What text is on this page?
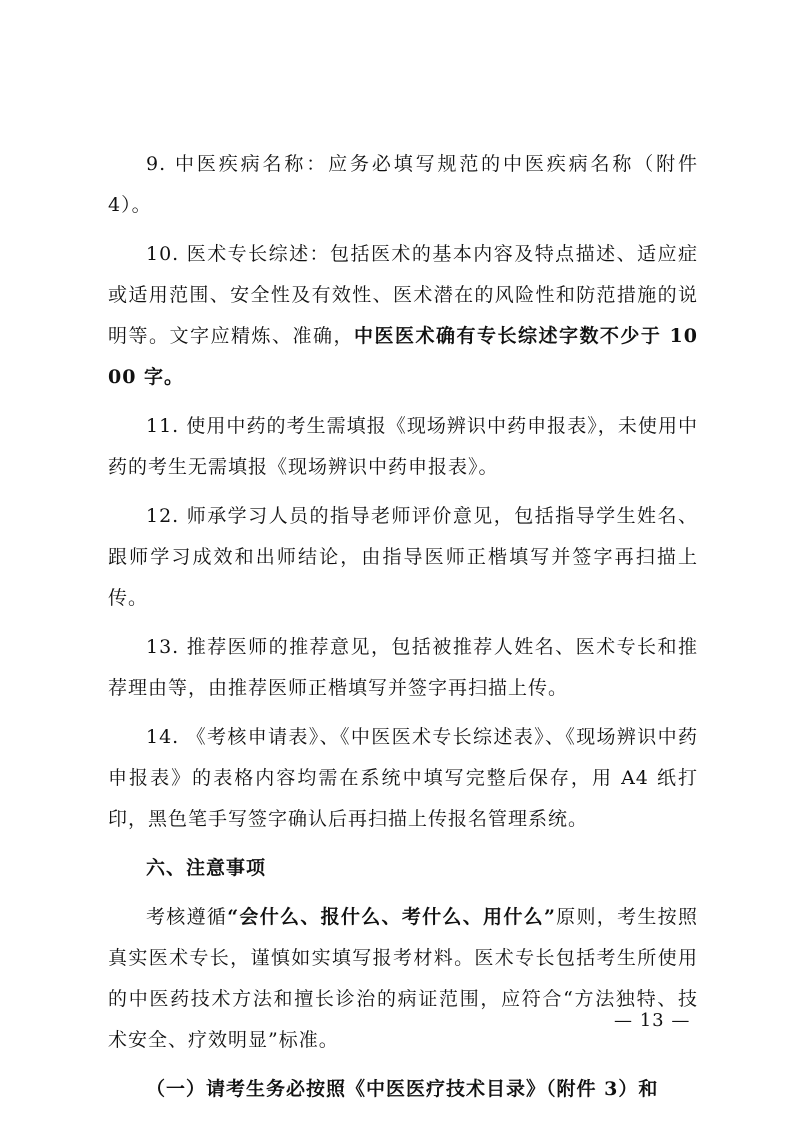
9. 中医疾病名称：应务必填写规范的中医疾病名称（附件 4）。

10. 医术专长综述：包括医术的基本内容及特点描述、适应症或适用范围、安全性及有效性、医术潜在的风险性和防范措施的说明等。文字应精炼、准确，中医医术确有专长综述字数不少于 1000 字。

11. 使用中药的考生需填报《现场辨识中药申报表》，未使用中药的考生无需填报《现场辨识中药申报表》。

12. 师承学习人员的指导老师评价意见，包括指导学生姓名、跟师学习成效和出师结论，由指导医师正楷填写并签字再扫描上传。

13. 推荐医师的推荐意见，包括被推荐人姓名、医术专长和推荐理由等，由推荐医师正楷填写并签字再扫描上传。

14. 《考核申请表》、《中医医术专长综述表》、《现场辨识中药申报表》的表格内容均需在系统中填写完整后保存，用 A4 纸打印，黑色笔手写签字确认后再扫描上传报名管理系统。

六、注意事项

考核遵循“会什么、报什么、考什么、用什么”原则，考生按照真实医术专长，谨慎如实填写报考材料。医术专长包括考生所使用的中医药技术方法和擅长诊治的病证范围，应符合“方法独特、技术安全、疗效明显”标准。

（一）请考生务必按照《中医医疗技术目录》（附件 3）和

— 13 —
